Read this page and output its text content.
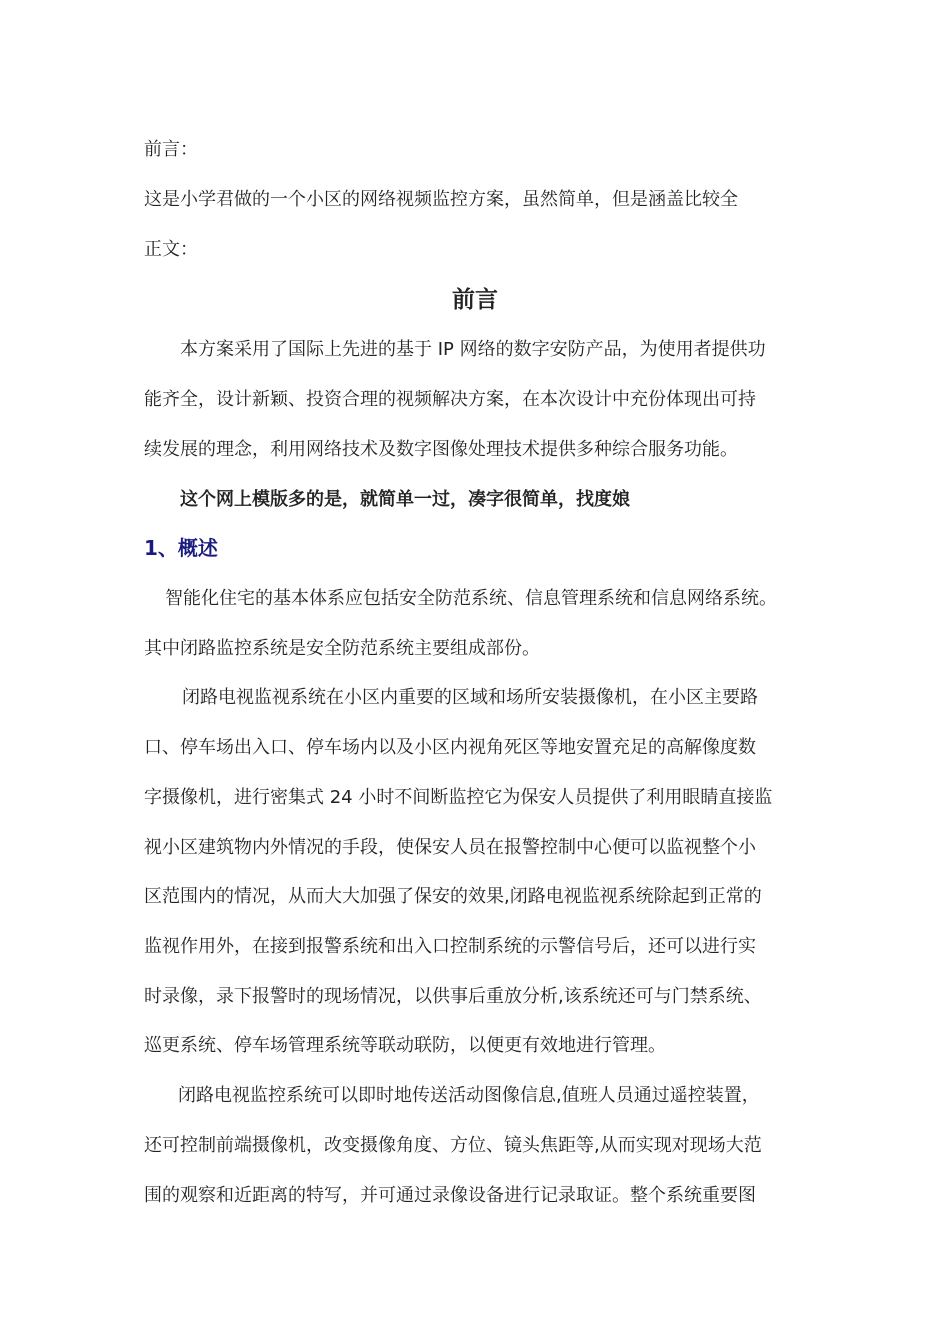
前言：
这是小学君做的一个小区的网络视频监控方案，虽然简单，但是涵盖比较全
正文：
前言
本方案采用了国际上先进的基于 IP 网络的数字安防产品，为使用者提供功
能齐全，设计新颖、投资合理的视频解决方案，在本次设计中充份体现出可持
续发展的理念，利用网络技术及数字图像处理技术提供多种综合服务功能。
这个网上模版多的是，就简单一过，凑字很简单，找度娘
1、概述
智能化住宅的基本体系应包括安全防范系统、信息管理系统和信息网络系统。
其中闭路监控系统是安全防范系统主要组成部份。
闭路电视监视系统在小区内重要的区域和场所安装摄像机，在小区主要路
口、停车场出入口、停车场内以及小区内视角死区等地安置充足的高解像度数
字摄像机，进行密集式 24 小时不间断监控它为保安人员提供了利用眼睛直接监
视小区建筑物内外情况的手段，使保安人员在报警控制中心便可以监视整个小
区范围内的情况，从而大大加强了保安的效果,闭路电视监视系统除起到正常的
监视作用外，在接到报警系统和出入口控制系统的示警信号后，还可以进行实
时录像，录下报警时的现场情况，以供事后重放分析,该系统还可与门禁系统、
巡更系统、停车场管理系统等联动联防，以便更有效地进行管理。
闭路电视监控系统可以即时地传送活动图像信息,值班人员通过遥控装置，
还可控制前端摄像机，改变摄像角度、方位、镜头焦距等,从而实现对现场大范
围的观察和近距离的特写，并可通过录像设备进行记录取证。整个系统重要图
